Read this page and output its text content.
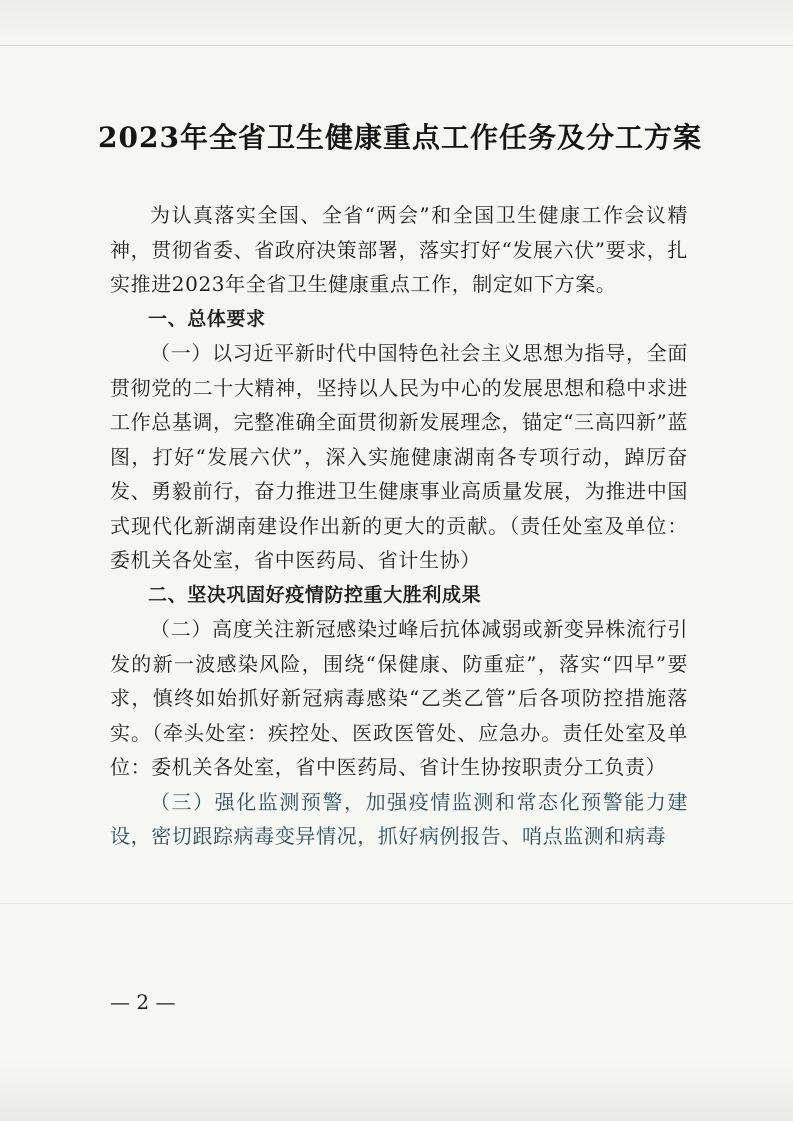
2023年全省卫生健康重点工作任务及分工方案

为认真落实全国、全省“两会”和全国卫生健康工作会议精神，贯彻省委、省政府决策部署，落实打好“发展六伏”要求，扎实推进2023年全省卫生健康重点工作，制定如下方案。

一、总体要求

（一）以习近平新时代中国特色社会主义思想为指导，全面贯彻党的二十大精神，坚持以人民为中心的发展思想和稳中求进工作总基调，完整准确全面贯彻新发展理念，锚定“三高四新”蓝图，打好“发展六伏”，深入实施健康湖南各专项行动，踔厉奋发、勇毅前行，奋力推进卫生健康事业高质量发展，为推进中国式现代化新湖南建设作出新的更大的贡献。（责任处室及单位：委机关各处室，省中医药局、省计生协）

二、坚决巩固好疫情防控重大胜利成果

（二）高度关注新冠感染过峰后抗体减弱或新变异株流行引发的新一波感染风险，围绕“保健康、防重症”，落实“四早”要求，慎终如始抓好新冠病毒感染“乙类乙管”后各项防控措施落实。（牵头处室：疾控处、医政医管处、应急办。责任处室及单位：委机关各处室，省中医药局、省计生协按职责分工负责）

（三）强化监测预警，加强疫情监测和常态化预警能力建设，密切跟踪病毒变异情况，抓好病例报告、哨点监测和病毒

— 2 —
